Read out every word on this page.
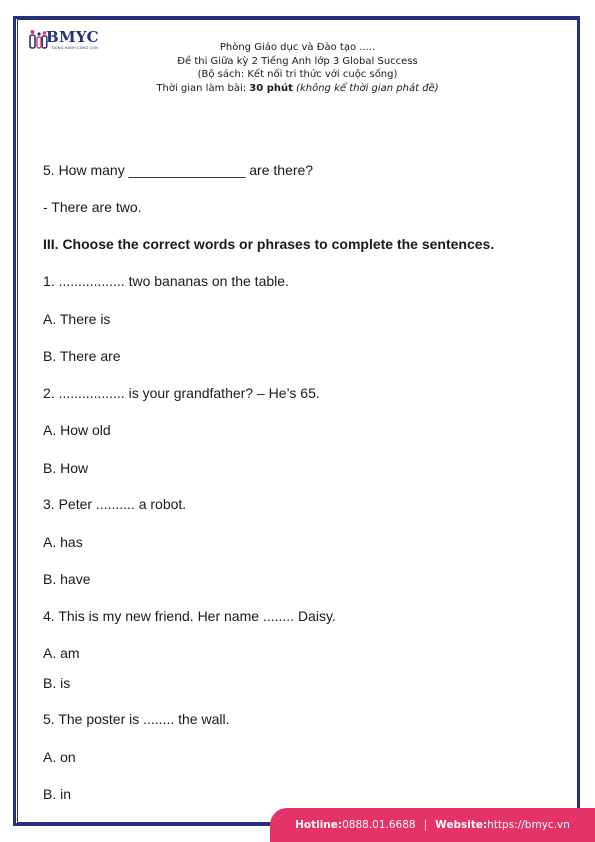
BMYC
ĐỒNG HÀNH CÙNG CON	Phòng Giáo dục và Đào tạo .....
Đề thi Giữa kỳ 2 Tiếng Anh lớp 3 Global Success
(Bộ sách: Kết nối tri thức với cuộc sống)
Thời gian làm bài: 30 phút (không kể thời gian phát đề)
5. How many _______________ are there?
- There are two.
III. Choose the correct words or phrases to complete the sentences.
1. ................. two bananas on the table.
A. There is
B. There are
2. ................. is your grandfather? – He’s 65.
A. How old
B. How
3. Peter .......... a robot.
A. has
B. have
4. This is my new friend. Her name ........ Daisy.
A. am
B. is
5. The poster is ........ the wall.
A. on
B. in
Hotline: 0888.01.6688 | Website: https://bmyc.vn
